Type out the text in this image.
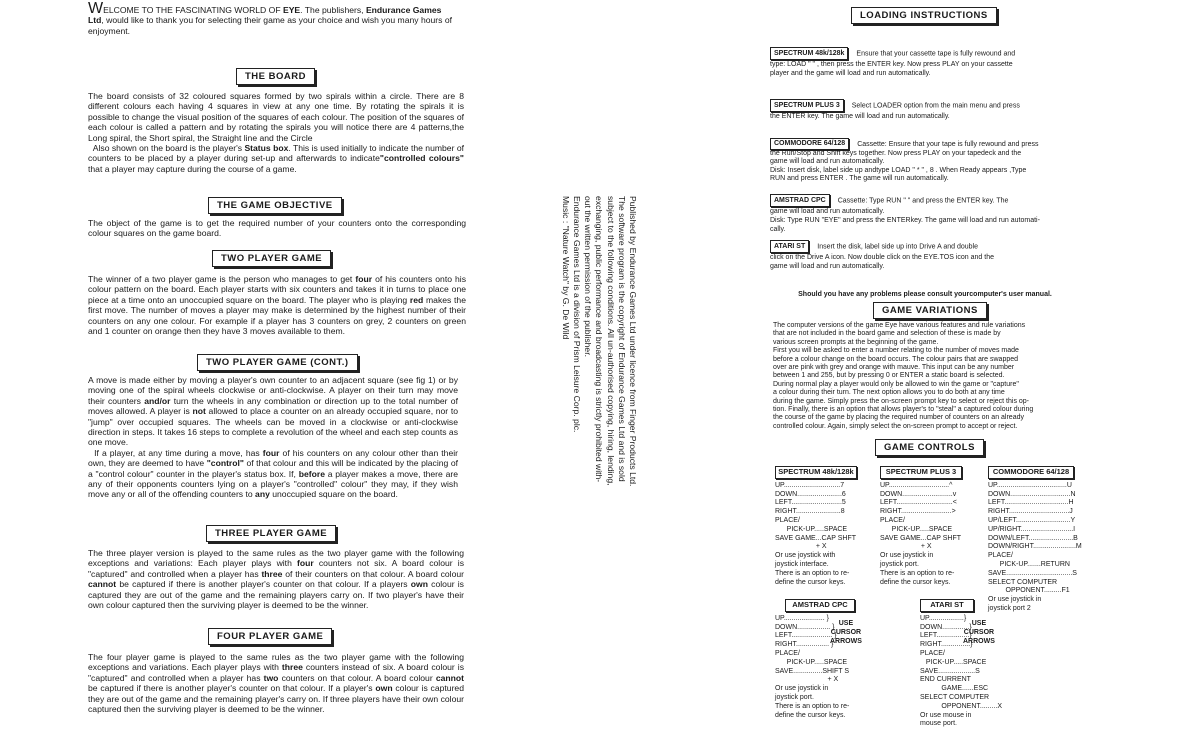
WELCOME TO THE FASCINATING WORLD OF EYE. The publishers, Endurance Games
Ltd, would like to thank you for selecting their game as your choice and wish you many hours of enjoyment.
THE BOARD
The board consists of 32 coloured squares formed by two spirals within a circle. There are 8 different colours each having 4 squares in view at any one time. By rotating the spirals it is possible to change the visual position of the squares of each colour. The position of the squares of each colour is called a pattern and by rotating the spirals you will notice there are 4 patterns,the Long spiral, the Short spiral, the Straight line and the Circle
Also shown on the board is the player's Status box. This is used initially to indicate the number of counters to be placed by a player during set-up and afterwards to indicate"controlled colours" that a player may capture during the course of a game.
THE GAME OBJECTIVE
The object of the game is to get the required number of your counters onto the corresponding colour squares on the game board.
TWO PLAYER GAME
The winner of a two player game is the person who manages to get four of his counters onto his colour pattern on the board. Each player starts with six counters and takes it in turns to place one piece at a time onto an unoccupied square on the board. The player who is playing red makes the first move. The number of moves a player may make is determined by the highest number of their counters on any one colour. For example if a player has 3 counters on grey, 2 counters on green and 1 counter on orange then they have 3 moves available to them.
TWO PLAYER GAME (CONT.)
A move is made either by moving a player's own counter to an adjacent square (see fig 1) or by moving one of the spiral wheels clockwise or anti-clockwise. A player on their turn may move their counters and/or turn the wheels in any combination or direction up to the total number of moves allowed. A player is not allowed to place a counter on an already occupied square, nor to "jump" over occupied squares. The wheels can be moved in a clockwise or anti-clockwise direction in steps. It takes 16 steps to complete a revolution of the wheel and each step counts as one move.
If a player, at any time during a move, has four of his counters on any colour other than their own, they are deemed to have "control" of that colour and this will be indicated by the placing of a "control colour" counter in the player's status box. If, before a player makes a move, there are any of their opponents counters lying on a player's "controlled" colour" they may, if they wish move any or all of the offending counters to any unoccupied square on the board.
THREE PLAYER GAME
The three player version is played to the same rules as the two player game with the following exceptions and variations: Each player plays with four counters not six. A board colour is "captured" and controlled when a player has three of their counters on that colour. A board colour cannot be captured if there is another player's counter on that colour. If a players own colour is captured they are out of the game and the remaining players carry on. If two player's have their own colour captured then the surviving player is deemed to be the winner.
FOUR PLAYER GAME
The four player game is played to the same rules as the two player game with the following exceptions and variations. Each player plays with three counters instead of six. A board colour is "captured" and controlled when a player has two counters on that colour. A board colour cannot be captured if there is another player's counter on that colour. If a player's own colour is captured they are out of the game and the remaining player's carry on. If three players have their own colour captured then the surviving player is deemed to be the winner.
Published by Endurance Games Ltd under licence from Finger Products Ltd.
The software program is the copyright of Endurance Games Ltd and is sold
subject to the following conditions. All un-authorised copying, hiring, lending,
exchanging, public performance and broadcasting is strictly prohibited with-
out the written permission of the publisher.
Endurance Games Ltd is a division of Prism Leisure Corp. plc.
Music : "Nature Watch" by G. De Wild
LOADING INSTRUCTIONS
SPECTRUM 48k/128k Ensure that your cassette tape is fully rewound and
type: LOAD " " , then press the ENTER key. Now press PLAY on your cassette
player and the game will load and run automatically.
SPECTRUM PLUS 3 Select LOADER option from the main menu and press
the ENTER key. The game will load and run automatically.
COMMODORE 64/128 Cassette: Ensure that your tape is fully rewound and press
the Run/Stop and Shift keys together. Now press PLAY on your tapedeck and the
game will load and run automatically.
Disk: Insert disk, label side up andtype LOAD " * " , 8 . When Ready appears ,Type
RUN and press ENTER . The game will run automatically.
AMSTRAD CPC Cassette: Type RUN " " and press the ENTER key. The
game will load and run automatically.
Disk: Type RUN "EYE" and press the ENTERkey. The game will load and run automati-
cally.
ATARI ST Insert the disk, label side up into Drive A and double
click on the Drive A icon. Now double click on the EYE.TOS icon and the
game will load and run automatically.
Should you have any problems please consult yourcomputer's user manual.
GAME VARIATIONS
The computer versions of the game Eye have various features and rule variations
that are not included in the board game and selection of these is made by
various screen prompts at the beginning of the game.
First you will be asked to enter a number relating to the number of moves made
before a colour change on the board occurs. The colour pairs that are swapped
over are pink with grey and orange with mauve. This input can be any number
between 1 and 255, but by pressing 0 or ENTER a static board is selected.
During normal play a player would only be allowed to win the game or "capture"
a colour during their turn. The next option allows you to do both at any time
during the game. Simply press the on-screen prompt key to select or reject this op-
tion. Finally, there is an option that allows player's to "steal" a captured colour during
the course of the game by placing the required number of counters on an already
controlled colour. Again, simply select the on-screen prompt to accept or reject.
GAME CONTROLS
SPECTRUM 48k/128k
UP.............................7
DOWN.......................6
LEFT..........................5
RIGHT.......................8
PLACE/
PICK-UP.....SPACE
SAVE GAME...CAP SHFT
+ X
Or use joystick with
joystick interface.
There is an option to re-
define the cursor keys.
SPECTRUM PLUS 3
UP...............................^
DOWN..........................v
LEFT.............................<
RIGHT..........................>
PLACE/
PICK-UP.....SPACE
SAVE GAME...CAP SHFT
+ X
Or use joystick in
joystick port.
There is an option to re-
define the cursor keys.
COMMODORE 64/128
UP....................................U
DOWN...............................N
LEFT.................................H
RIGHT...............................J
UP/LEFT............................Y
UP/RIGHT...........................I
DOWN/LEFT.......................B
DOWN/RIGHT......................M
PLACE/
PICK-UP.......RETURN
SAVE..................................S
SELECT COMPUTER
OPPONENT.........F1
Or use joystick in
joystick port 2
AMSTRAD CPC
UP..................... }
DOWN................. }
LEFT..................... }
RIGHT................. }
PLACE/
PICK-UP.....SPACE
SAVE...............SHIFT S
+ X
Or use joystick in
joystick port.
There is an option to re-
define the cursor keys.
USE
CURSOR
ARROWS
ATARI ST
UP..................}
DOWN..............}
LEFT.................}
RIGHT...............}
PLACE/
PICK-UP.....SPACE
SAVE...................S
END CURRENT
GAME......ESC
SELECT COMPUTER
OPPONENT.........X
Or use mouse in
mouse port.
USE
CURSOR
ARROWS
